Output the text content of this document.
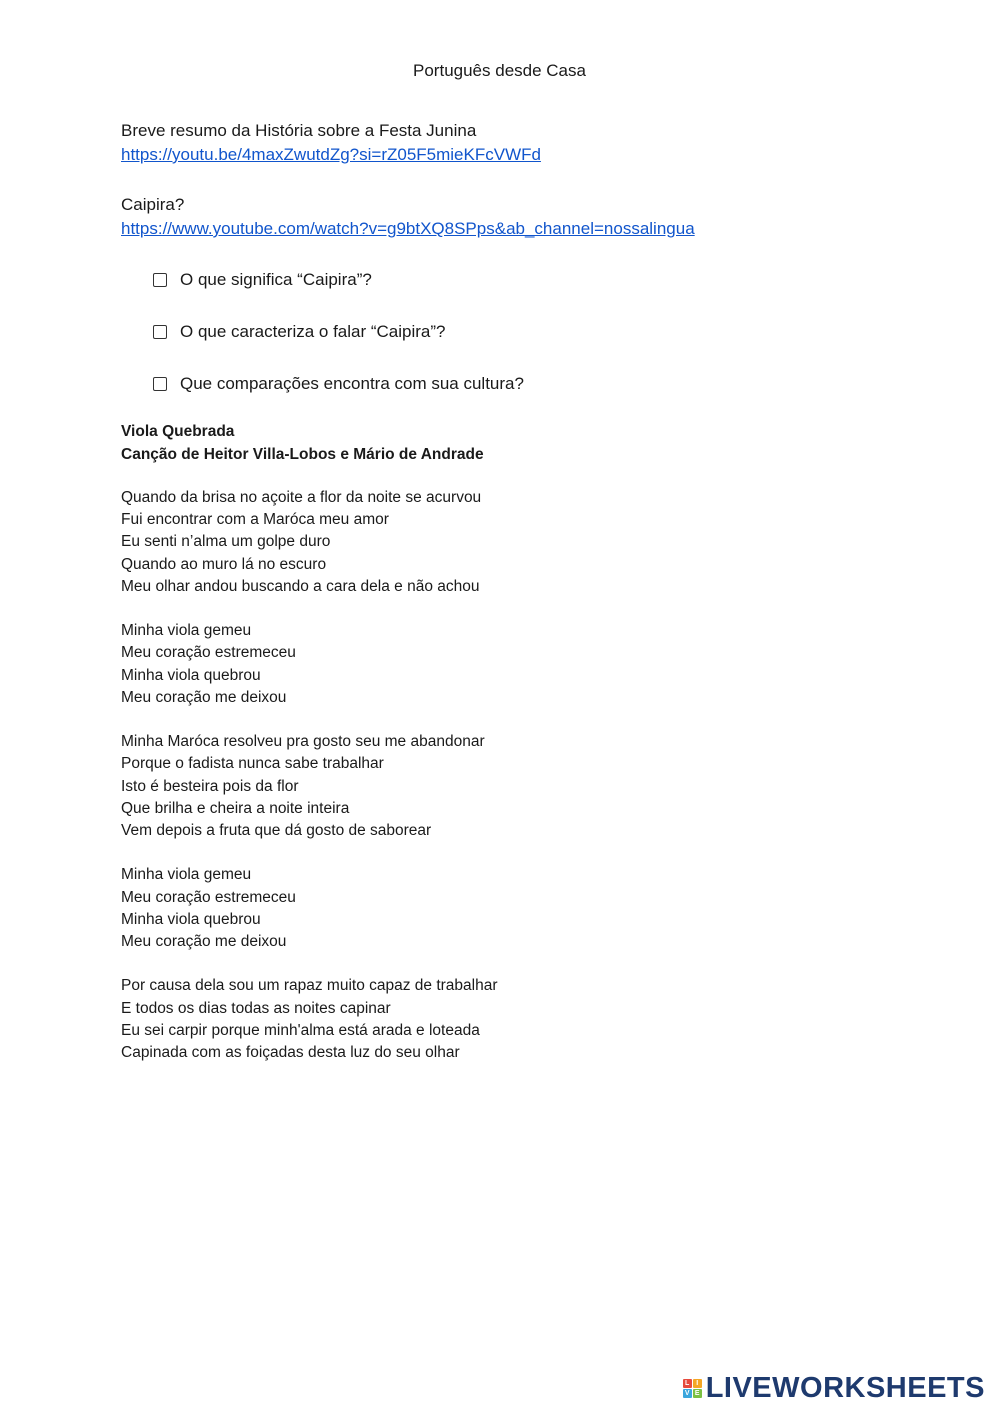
Português desde Casa
Breve resumo da História sobre a Festa Junina
https://youtu.be/4maxZwutdZg?si=rZ05F5mieKFcVWFd
Caipira?
https://www.youtube.com/watch?v=g9btXQ8SPps&ab_channel=nossalingua
O que significa “Caipira”?
O que caracteriza o falar “Caipira”?
Que comparações encontra com sua cultura?
Viola Quebrada
Canção de Heitor Villa-Lobos e Mário de Andrade
Quando da brisa no açoite a flor da noite se acurvou
Fui encontrar com a Maróca meu amor
Eu senti n’alma um golpe duro
Quando ao muro lá no escuro
Meu olhar andou buscando a cara dela e não achou
Minha viola gemeu
Meu coração estremeceu
Minha viola quebrou
Meu coração me deixou
Minha Maróca resolveu pra gosto seu me abandonar
Porque o fadista nunca sabe trabalhar
Isto é besteira pois da flor
Que brilha e cheira a noite inteira
Vem depois a fruta que dá gosto de saborear
Minha viola gemeu
Meu coração estremeceu
Minha viola quebrou
Meu coração me deixou
Por causa dela sou um rapaz muito capaz de trabalhar
E todos os dias todas as noites capinar
Eu sei carpir porque minh'alma está arada e loteada
Capinada com as foiçadas desta luz do seu olhar
L I
V E LIVEWORKSHEETS
